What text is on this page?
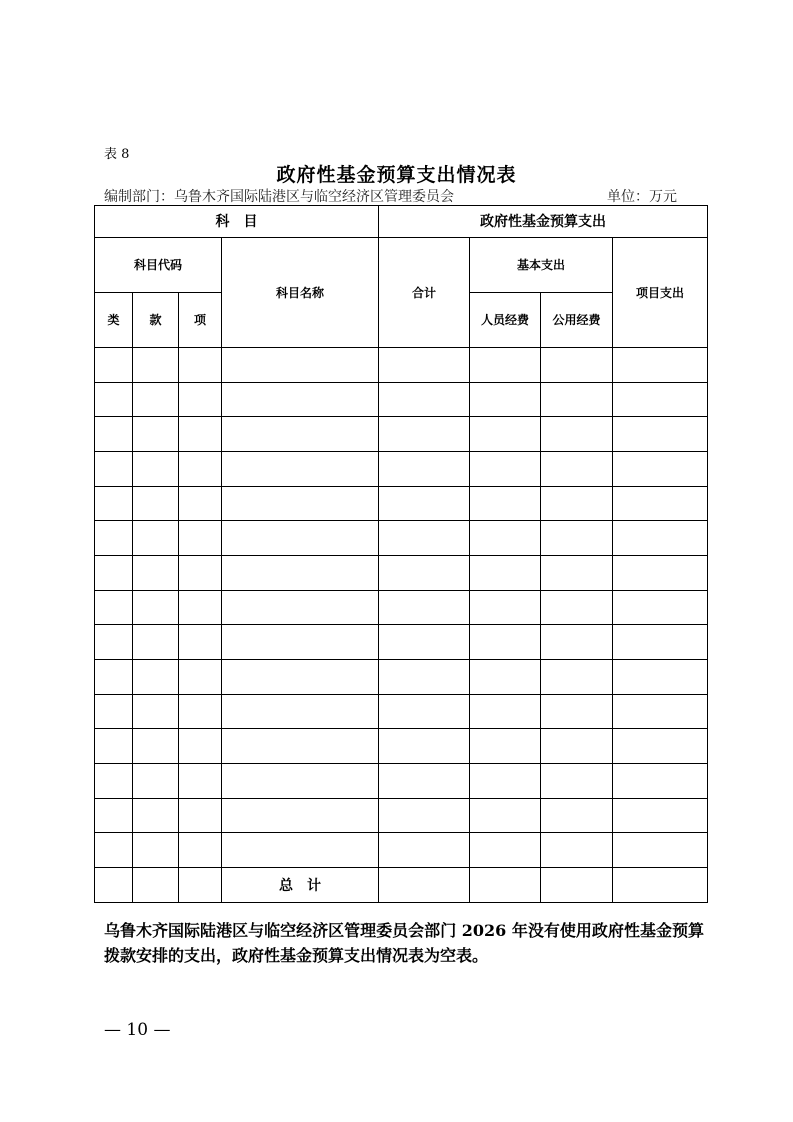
表 8
政府性基金预算支出情况表
编制部门：乌鲁木齐国际陆港区与临空经济区管理委员会	单位：万元
科　目				政府性基金预算支出			
科目代码			科目名称	合计	基本支出		项目支出
类	款	项			人员经费	公用经费	

			总　计				
乌鲁木齐国际陆港区与临空经济区管理委员会部门 2026 年没有使用政府性基金预算拨款安排的支出，政府性基金预算支出情况表为空表。
— 10 —
